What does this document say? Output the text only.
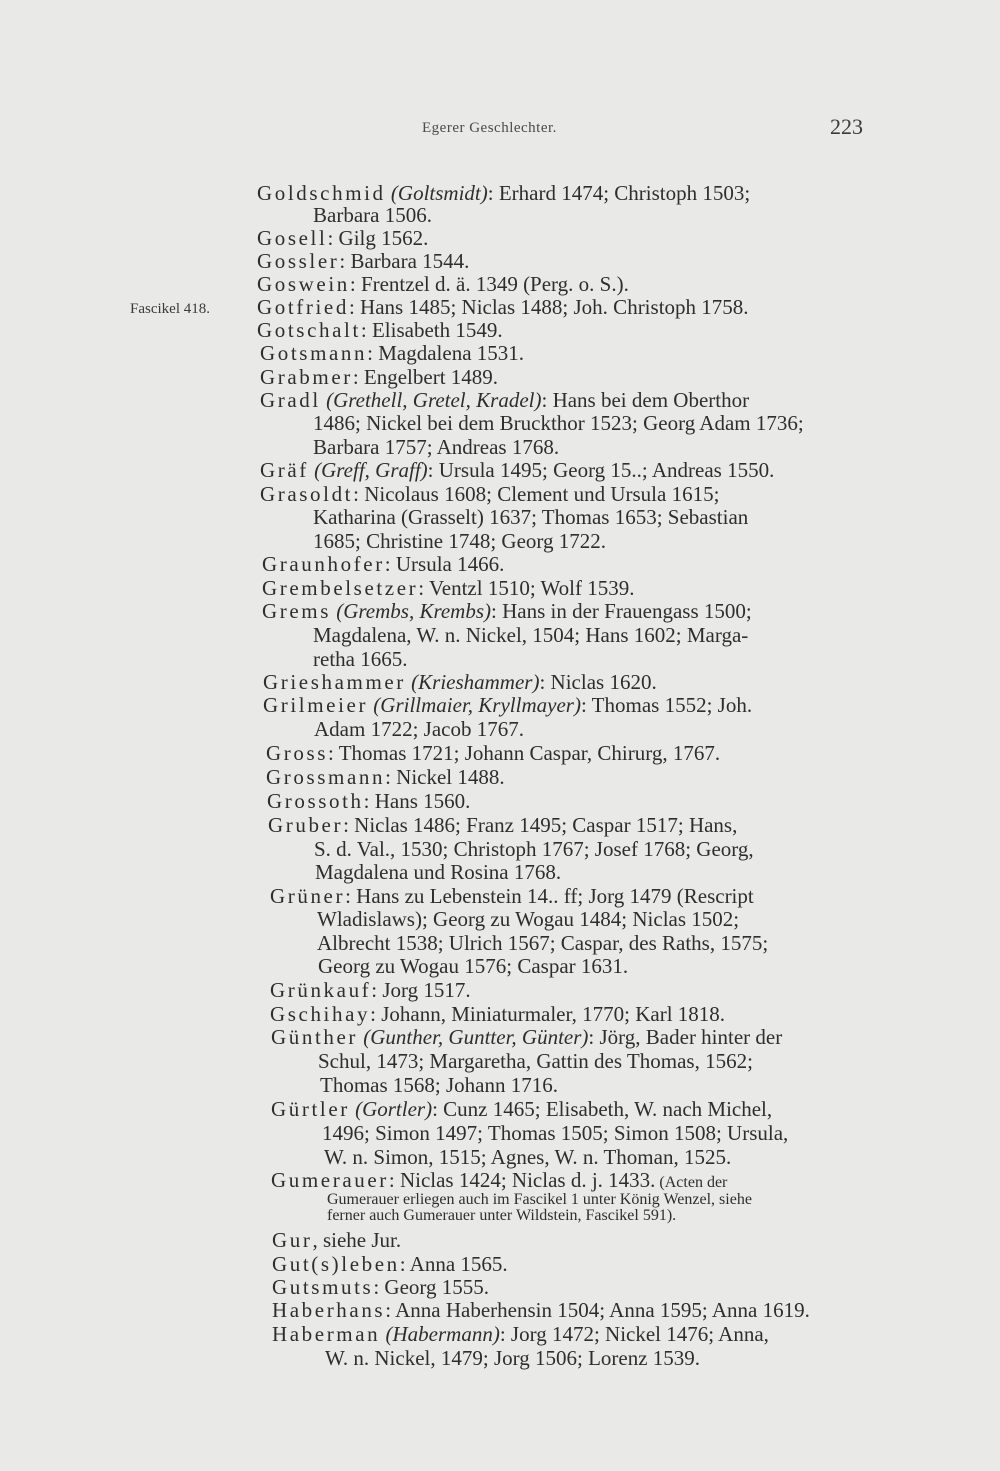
Egerer Geschlechter.	223
Fascikel 418.
Goldschmid (Goltsmidt): Erhard 1474; Christoph 1503;
Barbara 1506.
Gosell: Gilg 1562.
Gossler: Barbara 1544.
Goswein: Frentzel d. ä. 1349 (Perg. o. S.).
Gotfried: Hans 1485; Niclas 1488; Joh. Christoph 1758.
Gotschalt: Elisabeth 1549.
Gotsmann: Magdalena 1531.
Grabmer: Engelbert 1489.
Gradl (Grethell, Gretel, Kradel): Hans bei dem Oberthor
1486; Nickel bei dem Bruckthor 1523; Georg Adam 1736;
Barbara 1757; Andreas 1768.
Gräf (Greff, Graff): Ursula 1495; Georg 15..; Andreas 1550.
Grasoldt: Nicolaus 1608; Clement und Ursula 1615;
Katharina (Grasselt) 1637; Thomas 1653; Sebastian
1685; Christine 1748; Georg 1722.
Graunhofer: Ursula 1466.
Grembelsetzer: Ventzl 1510; Wolf 1539.
Grems (Grembs, Krembs): Hans in der Frauengass 1500;
Magdalena, W. n. Nickel, 1504; Hans 1602; Marga-
retha 1665.
Grieshammer (Krieshammer): Niclas 1620.
Grilmeier (Grillmaier, Kryllmayer): Thomas 1552; Joh.
Adam 1722; Jacob 1767.
Gross: Thomas 1721; Johann Caspar, Chirurg, 1767.
Grossmann: Nickel 1488.
Grossoth: Hans 1560.
Gruber: Niclas 1486; Franz 1495; Caspar 1517; Hans,
S. d. Val., 1530; Christoph 1767; Josef 1768; Georg,
Magdalena und Rosina 1768.
Grüner: Hans zu Lebenstein 14.. ff; Jorg 1479 (Rescript
Wladislaws); Georg zu Wogau 1484; Niclas 1502;
Albrecht 1538; Ulrich 1567; Caspar, des Raths, 1575;
Georg zu Wogau 1576; Caspar 1631.
Grünkauf: Jorg 1517.
Gschihay: Johann, Miniaturmaler, 1770; Karl 1818.
Günther (Gunther, Guntter, Günter): Jörg, Bader hinter der
Schul, 1473; Margaretha, Gattin des Thomas, 1562;
Thomas 1568; Johann 1716.
Gürtler (Gortler): Cunz 1465; Elisabeth, W. nach Michel,
1496; Simon 1497; Thomas 1505; Simon 1508; Ursula,
W. n. Simon, 1515; Agnes, W. n. Thoman, 1525.
Gumerauer: Niclas 1424; Niclas d. j. 1433. (Acten der
Gumerauer erliegen auch im Fascikel 1 unter König Wenzel, siehe
ferner auch Gumerauer unter Wildstein, Fascikel 591).
Gur, siehe Jur.
Gut(s)leben: Anna 1565.
Gutsmuts: Georg 1555.
Haberhans: Anna Haberhensin 1504; Anna 1595; Anna 1619.
Haberman (Habermann): Jorg 1472; Nickel 1476; Anna,
W. n. Nickel, 1479; Jorg 1506; Lorenz 1539.
